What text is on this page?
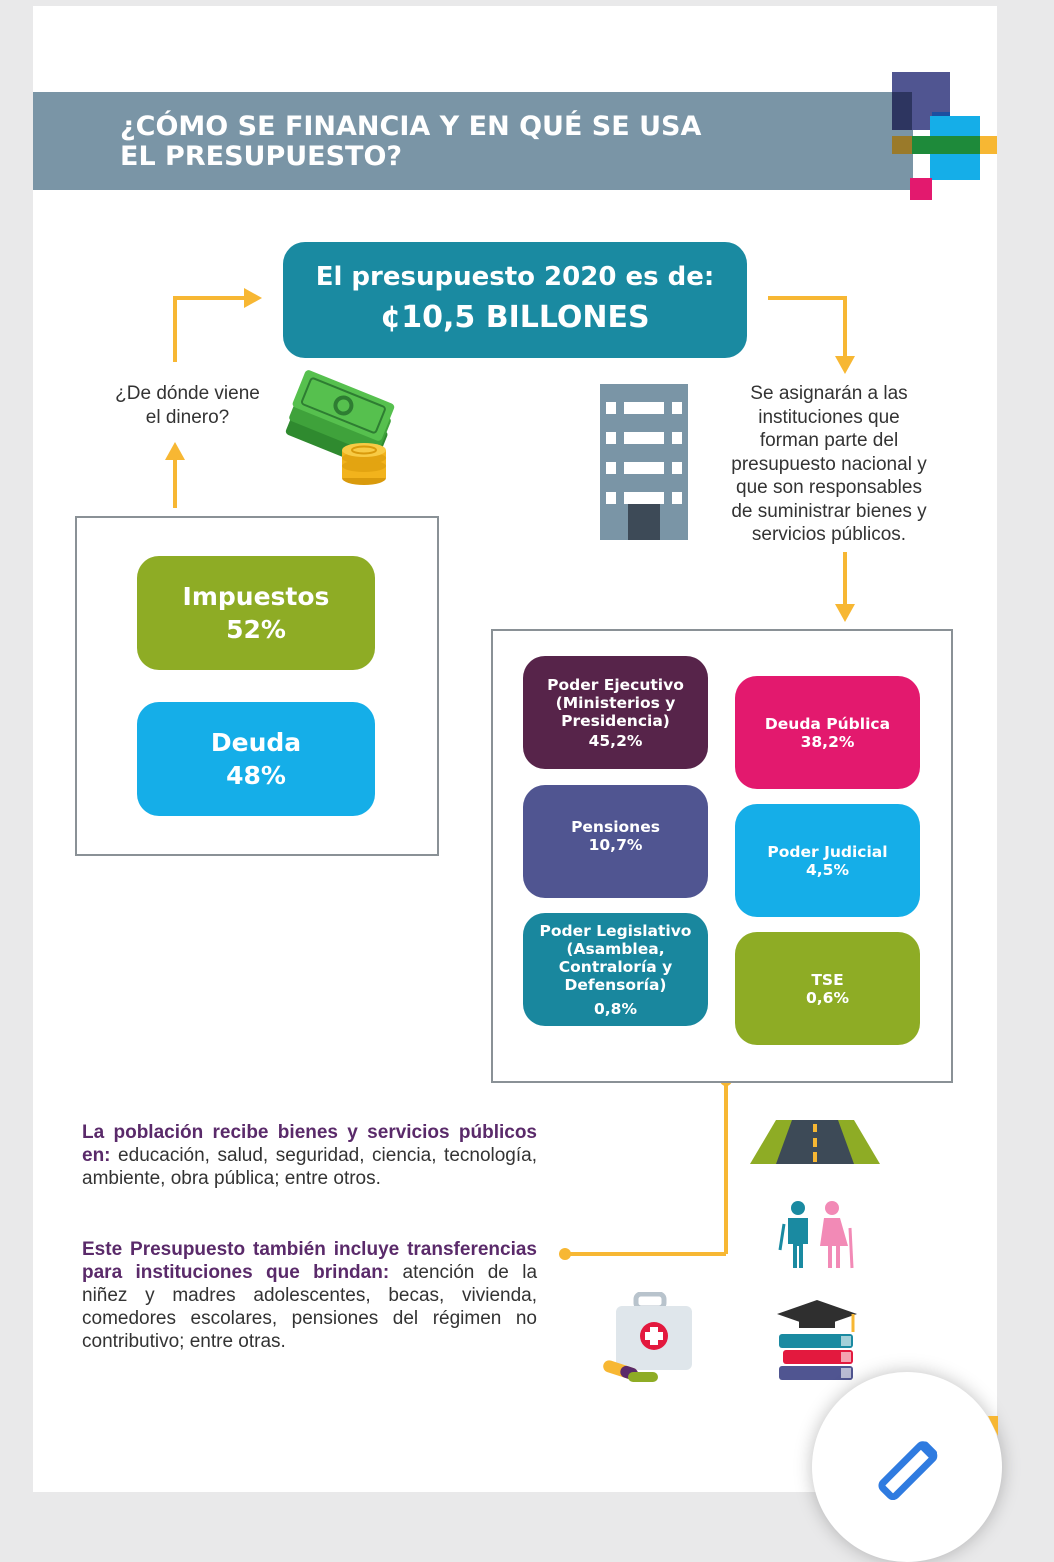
¿CÓMO SE FINANCIA Y EN QUÉ SE USA
EL PRESUPUESTO?
El presupuesto 2020 es de:
¢10,5 BILLONES
¿De dónde viene
el dinero?
Se asignarán a las
instituciones que
forman parte del
presupuesto nacional y
que son responsables
de suministrar bienes y
servicios públicos.
Impuestos
52%
Deuda
48%
Poder Ejecutivo
(Ministerios y
Presidencia)
45,2%
Deuda Pública
38,2%
Pensiones
10,7%	Poder Judicial
4,5%
Poder Legislativo
(Asamblea,
Contraloría y
Defensoría)
0,8%
TSE
0,6%
La población recibe bienes y servicios públicos en: educación, salud, seguridad, ciencia, tecnología, ambiente, obra pública; entre otros.
Este Presupuesto también incluye transferencias para instituciones que brindan: atención de la niñez y madres adolescentes, becas, vivienda, comedores escolares, pensiones del régimen no contributivo; entre otras.
